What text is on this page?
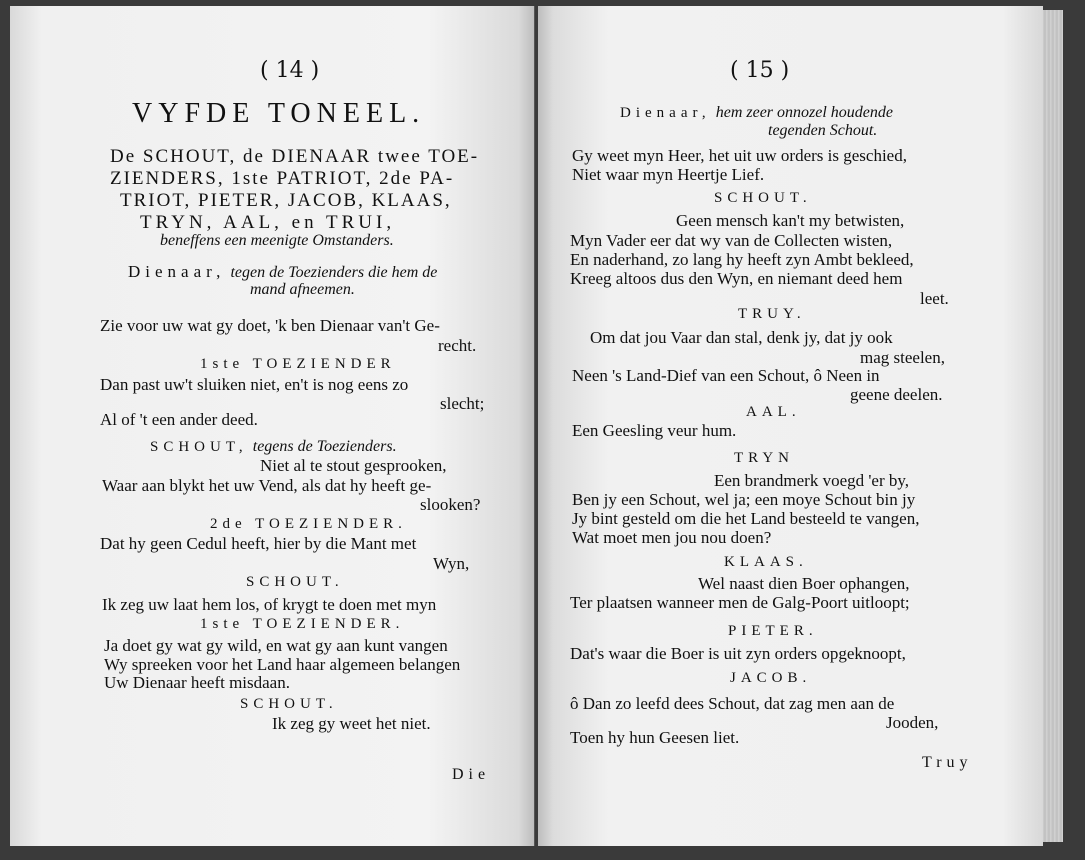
( 14 )
VYFDE TONEEL.
De SCHOUT, de DIENAAR twee TOE-
ZIENDERS, 1ste PATRIOT, 2de PA-
TRIOT, PIETER, JACOB, KLAAS,
TRYN, AAL, en TRUI,
beneffens een meenigte Omstanders.
Dienaar, tegen de Toezienders die hem de
mand afneemen.
Zie voor uw wat gy doet, 'k ben Dienaar van't Ge-
recht.
1ste TOEZIENDER
Dan past uw't sluiken niet, en't is nog eens zo
slecht;
Al of 't een ander deed.
SCHOUT, tegens de Toezienders.
Niet al te stout gesprooken,
Waar aan blykt het uw Vend, als dat hy heeft ge-
slooken?
2de TOEZIENDER.
Dat hy geen Cedul heeft, hier by die Mant met
Wyn,
SCHOUT.
Ik zeg uw laat hem los, of krygt te doen met myn
1ste TOEZIENDER.
Ja doet gy wat gy wild, en wat gy aan kunt vangen
Wy spreeken voor het Land haar algemeen belangen
Uw Dienaar heeft misdaan.
SCHOUT.
Ik zeg gy weet het niet.
Die
( 15 )
Dienaar, hem zeer onnozel houdende
tegenden Schout.
Gy weet myn Heer, het uit uw orders is geschied,
Niet waar myn Heertje Lief.
SCHOUT.
Geen mensch kan't my betwisten,
Myn Vader eer dat wy van de Collecten wisten,
En naderhand, zo lang hy heeft zyn Ambt bekleed,
Kreeg altoos dus den Wyn, en niemant deed hem
leet.
TRUY.
Om dat jou Vaar dan stal, denk jy, dat jy ook
mag steelen,
Neen 's Land-Dief van een Schout, ô Neen in
geene deelen.
AAL.
Een Geesling veur hum.
TRYN
Een brandmerk voegd 'er by,
Ben jy een Schout, wel ja; een moye Schout bin jy
Jy bint gesteld om die het Land besteeld te vangen,
Wat moet men jou nou doen?
KLAAS.
Wel naast dien Boer ophangen,
Ter plaatsen wanneer men de Galg-Poort uitloopt;
PIETER.
Dat's waar die Boer is uit zyn orders opgeknoopt,
JACOB.
ô Dan zo leefd dees Schout, dat zag men aan de
Jooden,
Toen hy hun Geesen liet.
Truy
